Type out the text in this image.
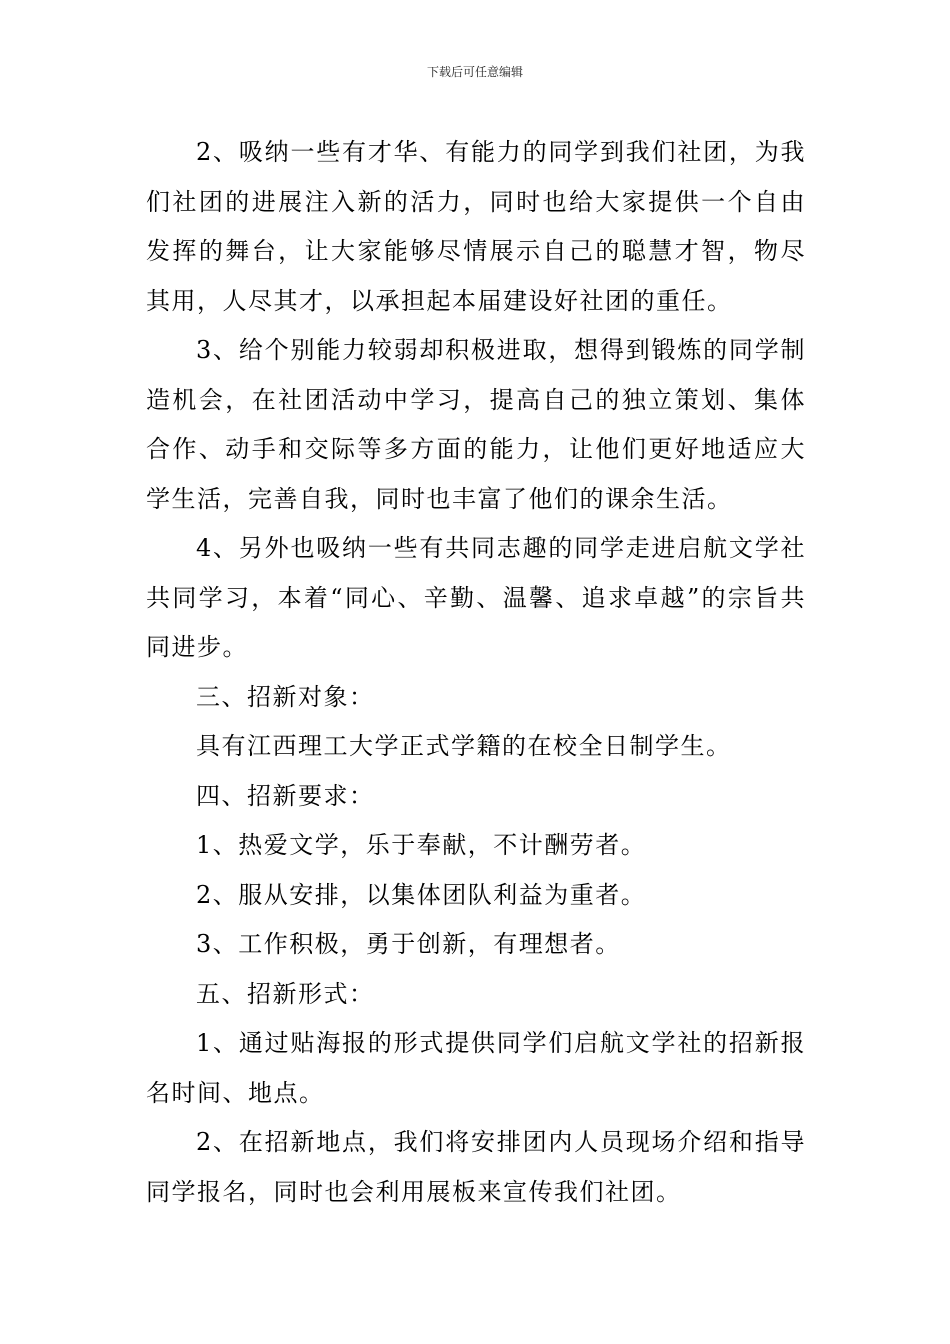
下载后可任意编辑

2、吸纳一些有才华、有能力的同学到我们社团，为我们社团的进展注入新的活力，同时也给大家提供一个自由发挥的舞台，让大家能够尽情展示自己的聪慧才智，物尽其用，人尽其才，以承担起本届建设好社团的重任。

3、给个别能力较弱却积极进取，想得到锻炼的同学制造机会，在社团活动中学习，提高自己的独立策划、集体合作、动手和交际等多方面的能力，让他们更好地适应大学生活，完善自我，同时也丰富了他们的课余生活。

4、另外也吸纳一些有共同志趣的同学走进启航文学社共同学习，本着“同心、辛勤、温馨、追求卓越”的宗旨共同进步。

三、招新对象：

具有江西理工大学正式学籍的在校全日制学生。

四、招新要求：

1、热爱文学，乐于奉献，不计酬劳者。

2、服从安排，以集体团队利益为重者。

3、工作积极，勇于创新，有理想者。

五、招新形式：

1、通过贴海报的形式提供同学们启航文学社的招新报名时间、地点。

2、在招新地点，我们将安排团内人员现场介绍和指导同学报名，同时也会利用展板来宣传我们社团。
